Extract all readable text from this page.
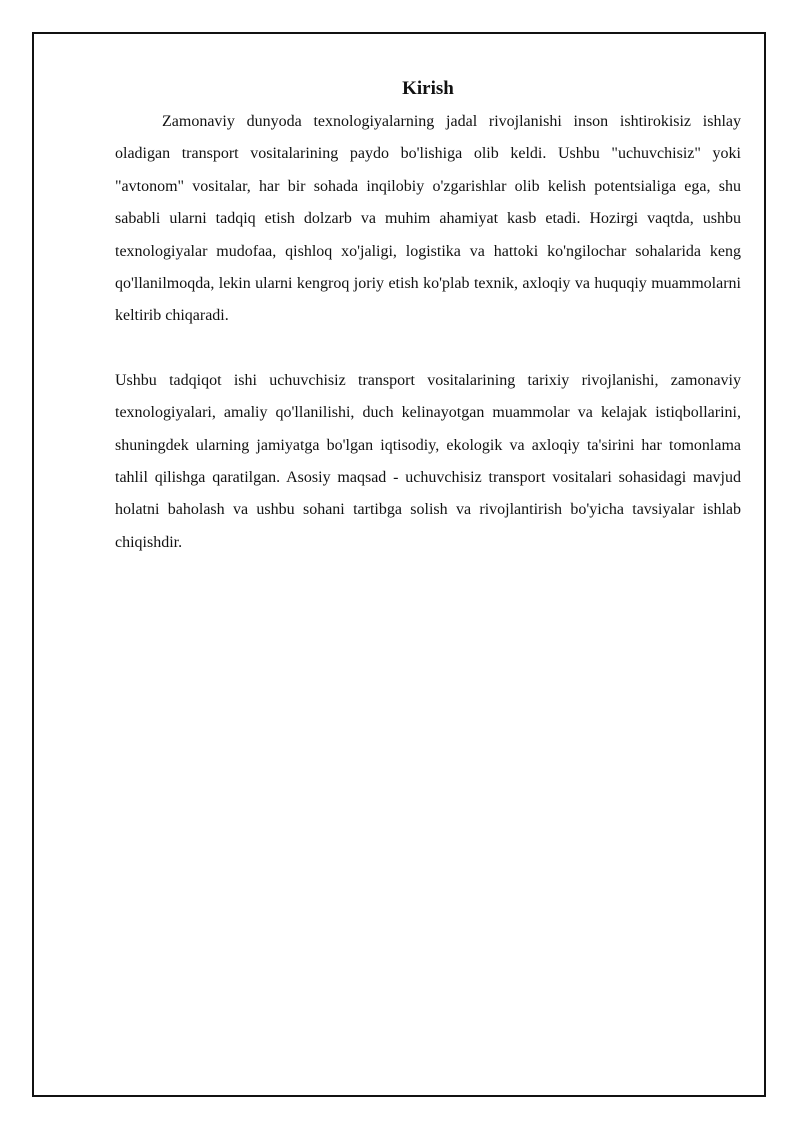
Kirish

Zamonaviy dunyoda texnologiyalarning jadal rivojlanishi inson ishtirokisiz ishlay oladigan transport vositalarining paydo bo'lishiga olib keldi. Ushbu "uchuvchisiz" yoki "avtonom" vositalar, har bir sohada inqilobiy o'zgarishlar olib kelish potentsialiga ega, shu sababli ularni tadqiq etish dolzarb va muhim ahamiyat kasb etadi. Hozirgi vaqtda, ushbu texnologiyalar mudofaa, qishloq xo'jaligi, logistika va hattoki ko'ngilochar sohalarida keng qo'llanilmoqda, lekin ularni kengroq joriy etish ko'plab texnik, axloqiy va huquqiy muammolarni keltirib chiqaradi.

Ushbu tadqiqot ishi uchuvchisiz transport vositalarining tarixiy rivojlanishi, zamonaviy texnologiyalari, amaliy qo'llanilishi, duch kelinayotgan muammolar va kelajak istiqbollarini, shuningdek ularning jamiyatga bo'lgan iqtisodiy, ekologik va axloqiy ta'sirini har tomonlama tahlil qilishga qaratilgan. Asosiy maqsad - uchuvchisiz transport vositalari sohasidagi mavjud holatni baholash va ushbu sohani tartibga solish va rivojlantirish bo'yicha tavsiyalar ishlab chiqishdir.
